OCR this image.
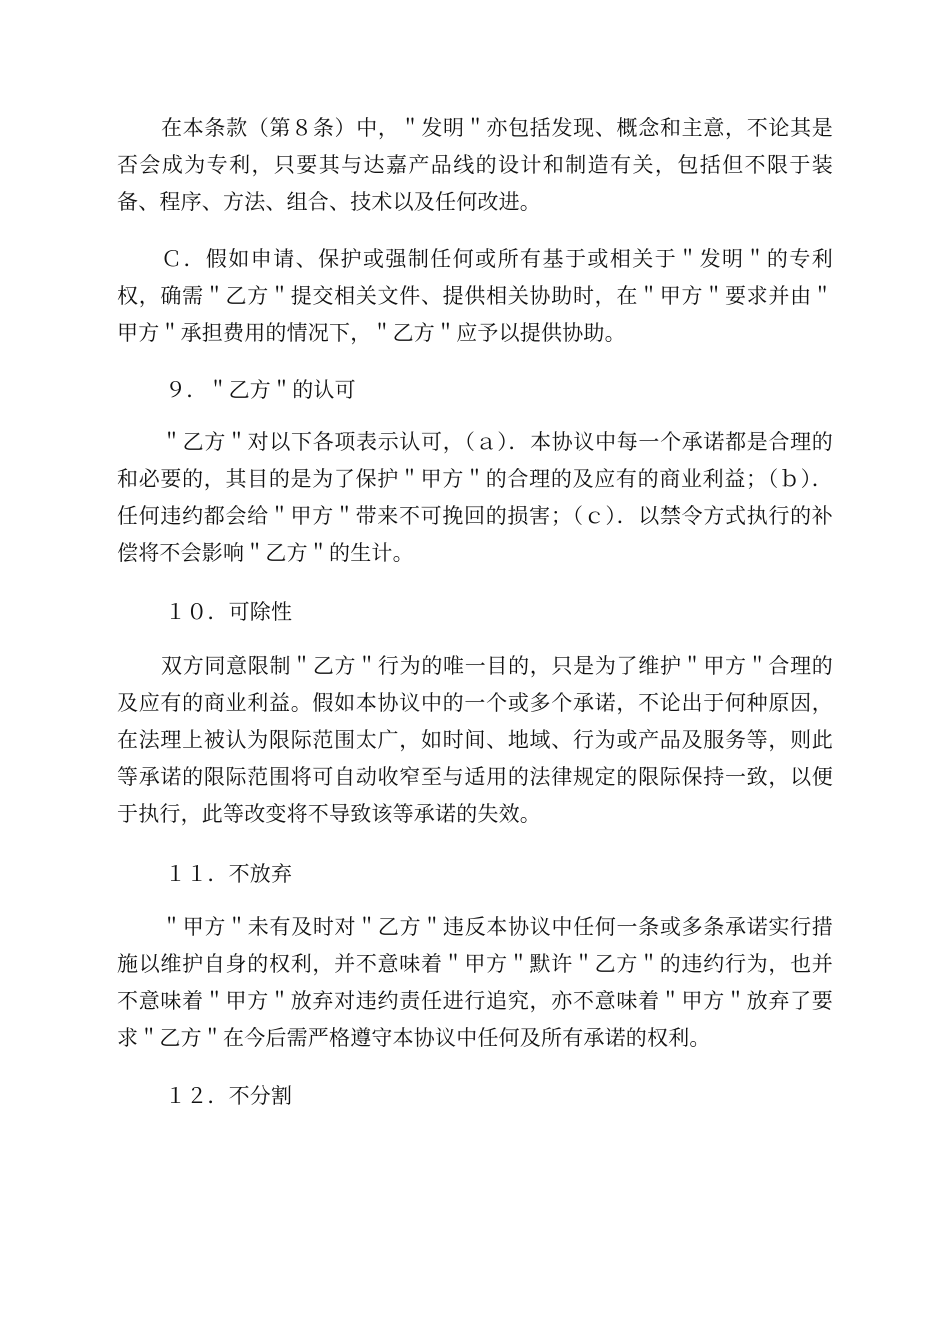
在本条款（第８条）中，＂发明＂亦包括发现、概念和主意，不论其是否会成为专利，只要其与达嘉产品线的设计和制造有关，包括但不限于装备、程序、方法、组合、技术以及任何改进。

Ｃ．假如申请、保护或强制任何或所有基于或相关于＂发明＂的专利权，确需＂乙方＂提交相关文件、提供相关协助时，在＂甲方＂要求并由＂甲方＂承担费用的情况下，＂乙方＂应予以提供协助。

９．＂乙方＂的认可

＂乙方＂对以下各项表示认可，（ａ）．本协议中每一个承诺都是合理的和必要的，其目的是为了保护＂甲方＂的合理的及应有的商业利益；（ｂ）．任何违约都会给＂甲方＂带来不可挽回的损害；（ｃ）．以禁令方式执行的补偿将不会影响＂乙方＂的生计。

１０．可除性

双方同意限制＂乙方＂行为的唯一目的，只是为了维护＂甲方＂合理的及应有的商业利益。假如本协议中的一个或多个承诺，不论出于何种原因，在法理上被认为限际范围太广，如时间、地域、行为或产品及服务等，则此等承诺的限际范围将可自动收窄至与适用的法律规定的限际保持一致，以便于执行，此等改变将不导致该等承诺的失效。

１１．不放弃

＂甲方＂未有及时对＂乙方＂违反本协议中任何一条或多条承诺实行措施以维护自身的权利，并不意味着＂甲方＂默许＂乙方＂的违约行为，也并不意味着＂甲方＂放弃对违约责任进行追究，亦不意味着＂甲方＂放弃了要求＂乙方＂在今后需严格遵守本协议中任何及所有承诺的权利。

１２．不分割
